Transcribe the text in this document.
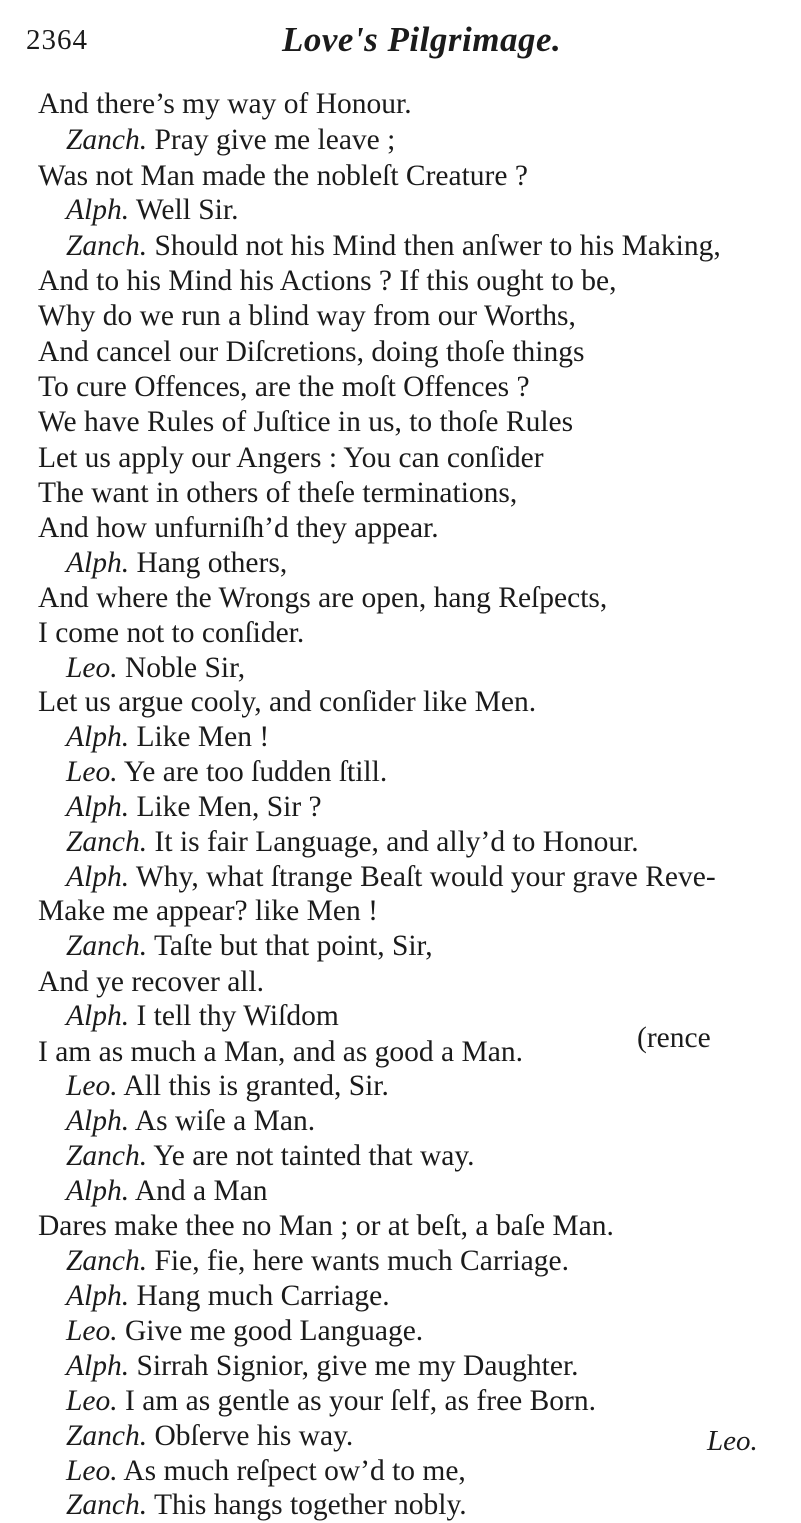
2364	Love's Pilgrimage.
And there’s my way of Honour.
Zanch. Pray give me leave ;
Was not Man made the nobleſt Creature ?
Alph. Well Sir.
Zanch. Should not his Mind then anſwer to his Making,
And to his Mind his Actions ? If this ought to be,
Why do we run a blind way from our Worths,
And cancel our Diſcretions, doing thoſe things
To cure Offences, are the moſt Offences ?
We have Rules of Juſtice in us, to thoſe Rules
Let us apply our Angers : You can conſider
The want in others of theſe terminations,
And how unfurniſh’d they appear.
Alph. Hang others,
And where the Wrongs are open, hang Reſpects,
I come not to conſider.
Leo. Noble Sir,
Let us argue cooly, and conſider like Men.
Alph. Like Men !
Leo. Ye are too ſudden ſtill.
Alph. Like Men, Sir ?
Zanch. It is fair Language, and ally’d to Honour.
Alph. Why, what ſtrange Beaſt would your grave Reve-
Make me appear? like Men !
Zanch. Taſte but that point, Sir,
And ye recover all.
Alph. I tell thy Wiſdom
I am as much a Man, and as good a Man.
Leo. All this is granted, Sir.
Alph. As wiſe a Man.
Zanch. Ye are not tainted that way.
Alph. And a Man
Dares make thee no Man ; or at beſt, a baſe Man.
Zanch. Fie, fie, here wants much Carriage.
Alph. Hang much Carriage.
Leo. Give me good Language.
Alph. Sirrah Signior, give me my Daughter.
Leo. I am as gentle as your ſelf, as free Born.
Zanch. Obſerve his way.
Leo. As much reſpect ow’d to me,
Zanch. This hangs together nobly.
(rence
Leo.
